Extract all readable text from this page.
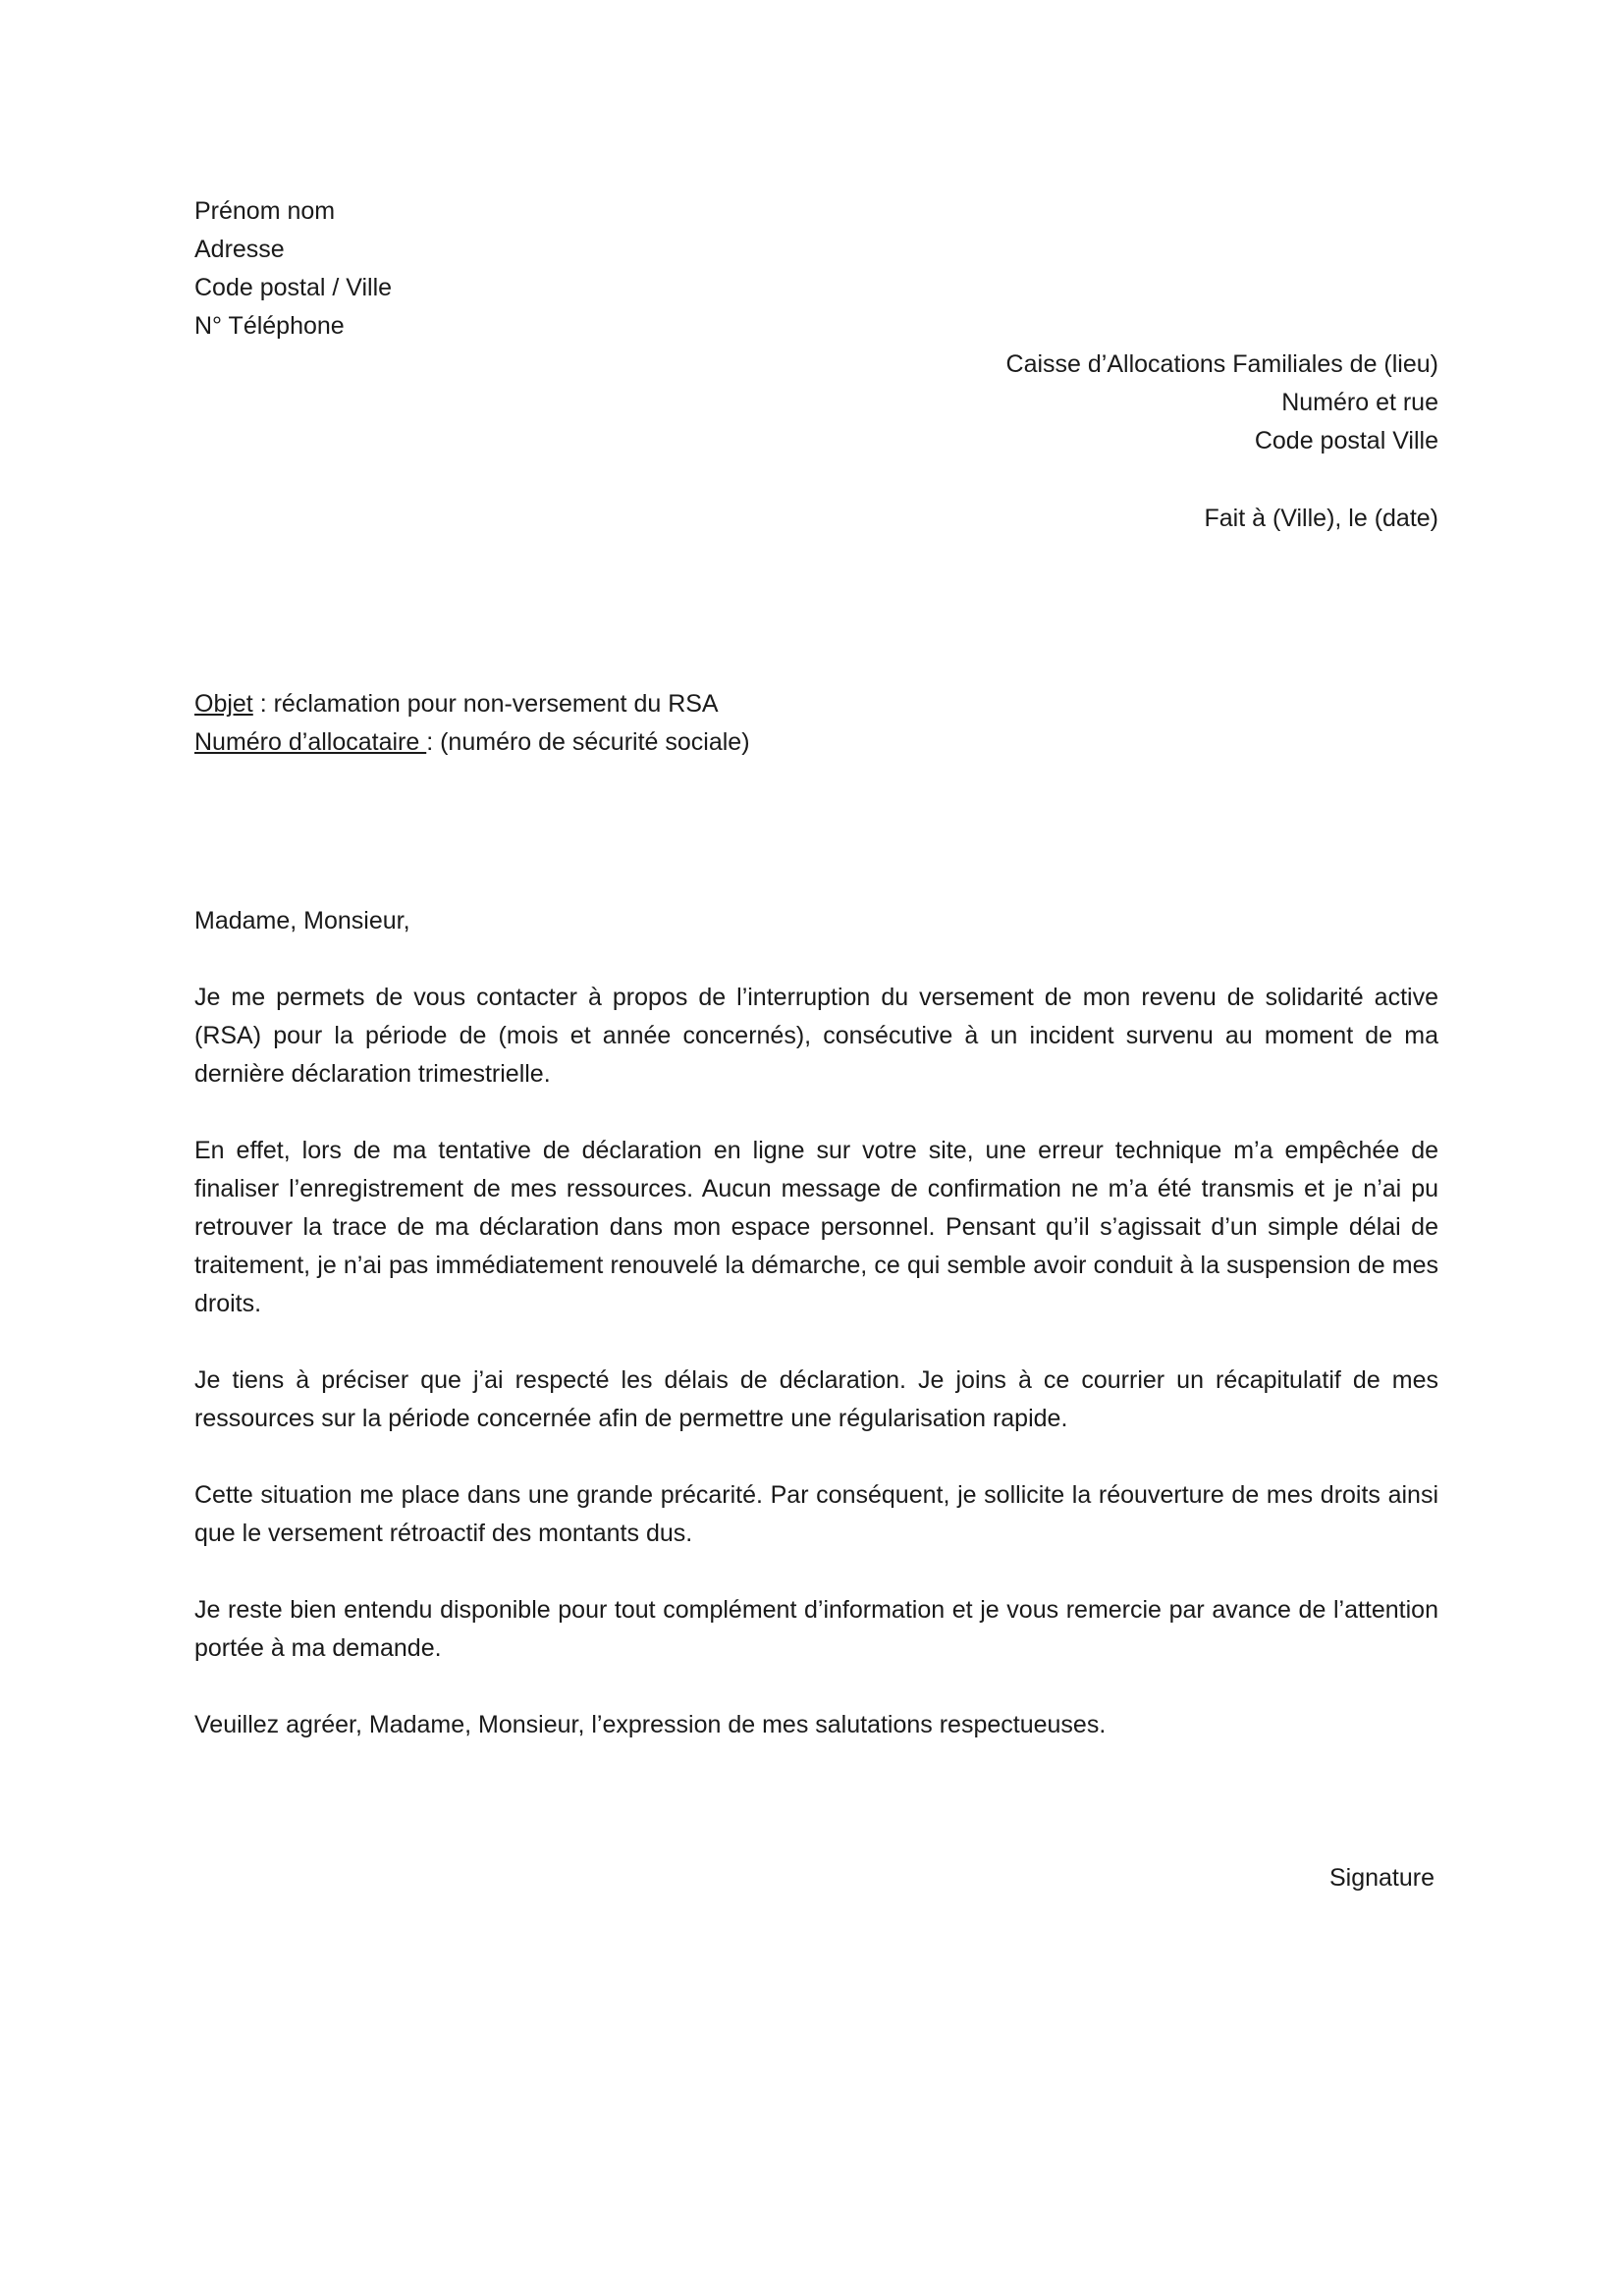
Prénom nom
Adresse
Code postal / Ville
N° Téléphone
Caisse d’Allocations Familiales de (lieu)
Numéro et rue
Code postal Ville
Fait à (Ville), le (date)
Objet : réclamation pour non-versement du RSA
Numéro d’allocataire : (numéro de sécurité sociale)

Madame, Monsieur,

Je me permets de vous contacter à propos de l’interruption du versement de mon revenu de solidarité active (RSA) pour la période de (mois et année concernés), consécutive à un incident survenu au moment de ma dernière déclaration trimestrielle.

En effet, lors de ma tentative de déclaration en ligne sur votre site, une erreur technique m’a empêchée de finaliser l’enregistrement de mes ressources. Aucun message de confirmation ne m’a été transmis et je n’ai pu retrouver la trace de ma déclaration dans mon espace personnel. Pensant qu’il s’agissait d’un simple délai de traitement, je n’ai pas immédiatement renouvelé la démarche, ce qui semble avoir conduit à la suspension de mes droits.

Je tiens à préciser que j’ai respecté les délais de déclaration. Je joins à ce courrier un récapitulatif de mes ressources sur la période concernée afin de permettre une régularisation rapide.

Cette situation me place dans une grande précarité. Par conséquent, je sollicite la réouverture de mes droits ainsi que le versement rétroactif des montants dus.

Je reste bien entendu disponible pour tout complément d’information et je vous remercie par avance de l’attention portée à ma demande.

Veuillez agréer, Madame, Monsieur, l’expression de mes salutations respectueuses.

Signature
